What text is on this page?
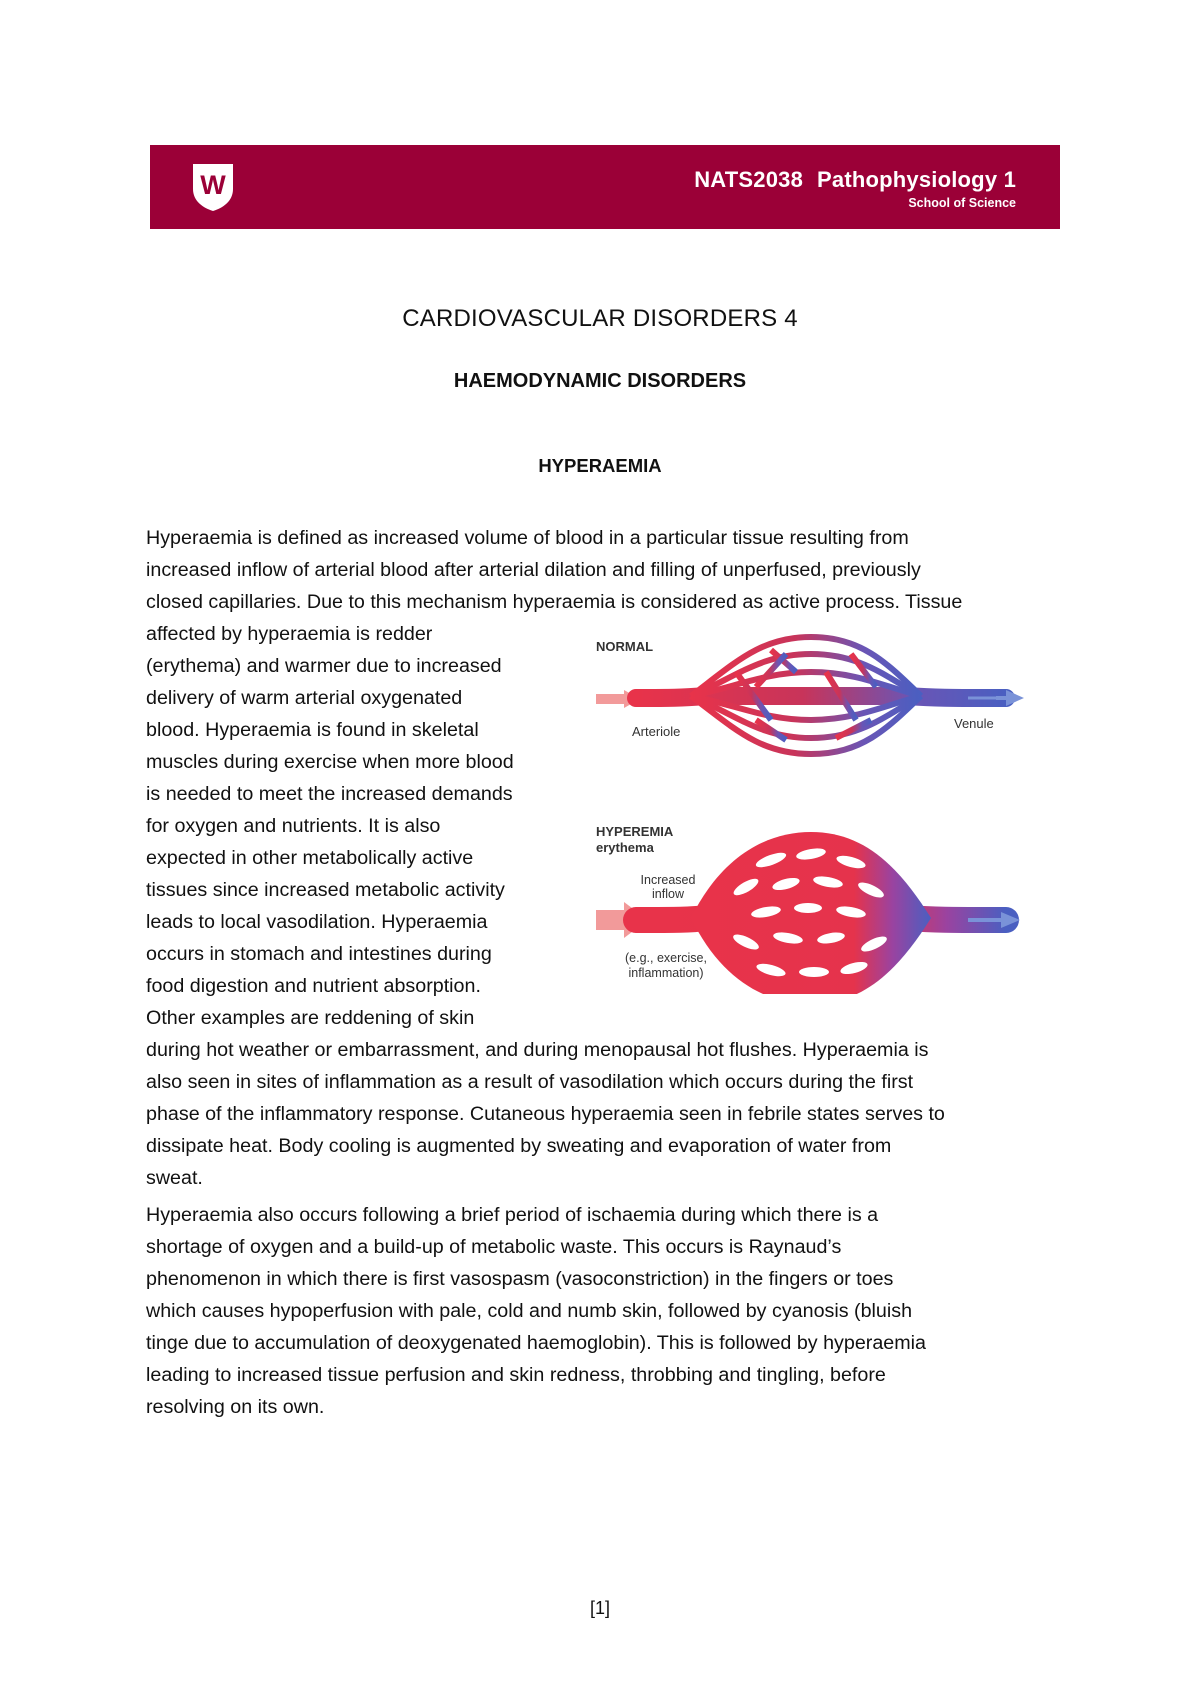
W	NATS2038 Pathophysiology 1
School of Science
CARDIOVASCULAR DISORDERS 4
HAEMODYNAMIC DISORDERS
HYPERAEMIA
Hyperaemia is defined as increased volume of blood in a particular tissue resulting from
increased inflow of arterial blood after arterial dilation and filling of unperfused, previously
closed capillaries. Due to this mechanism hyperaemia is considered as active process. Tissue
affected by hyperaemia is redder
(erythema) and warmer due to increased
delivery of warm arterial oxygenated
blood. Hyperaemia is found in skeletal
muscles during exercise when more blood
is needed to meet the increased demands
for oxygen and nutrients. It is also
expected in other metabolically active
tissues since increased metabolic activity
leads to local vasodilation. Hyperaemia
occurs in stomach and intestines during
food digestion and nutrient absorption.
Other examples are reddening of skin
during hot weather or embarrassment, and during menopausal hot flushes. Hyperaemia is
also seen in sites of inflammation as a result of vasodilation which occurs during the first
phase of the inflammatory response. Cutaneous hyperaemia seen in febrile states serves to
dissipate heat. Body cooling is augmented by sweating and evaporation of water from
sweat.
NORMAL
Arteriole
Venule
HYPEREMIA
erythema
Increased
inflow
(e.g., exercise,
inflammation)
Hyperaemia also occurs following a brief period of ischaemia during which there is a
shortage of oxygen and a build-up of metabolic waste. This occurs is Raynaud’s
phenomenon in which there is first vasospasm (vasoconstriction) in the fingers or toes
which causes hypoperfusion with pale, cold and numb skin, followed by cyanosis (bluish
tinge due to accumulation of deoxygenated haemoglobin). This is followed by hyperaemia
leading to increased tissue perfusion and skin redness, throbbing and tingling, before
resolving on its own.
[1]
